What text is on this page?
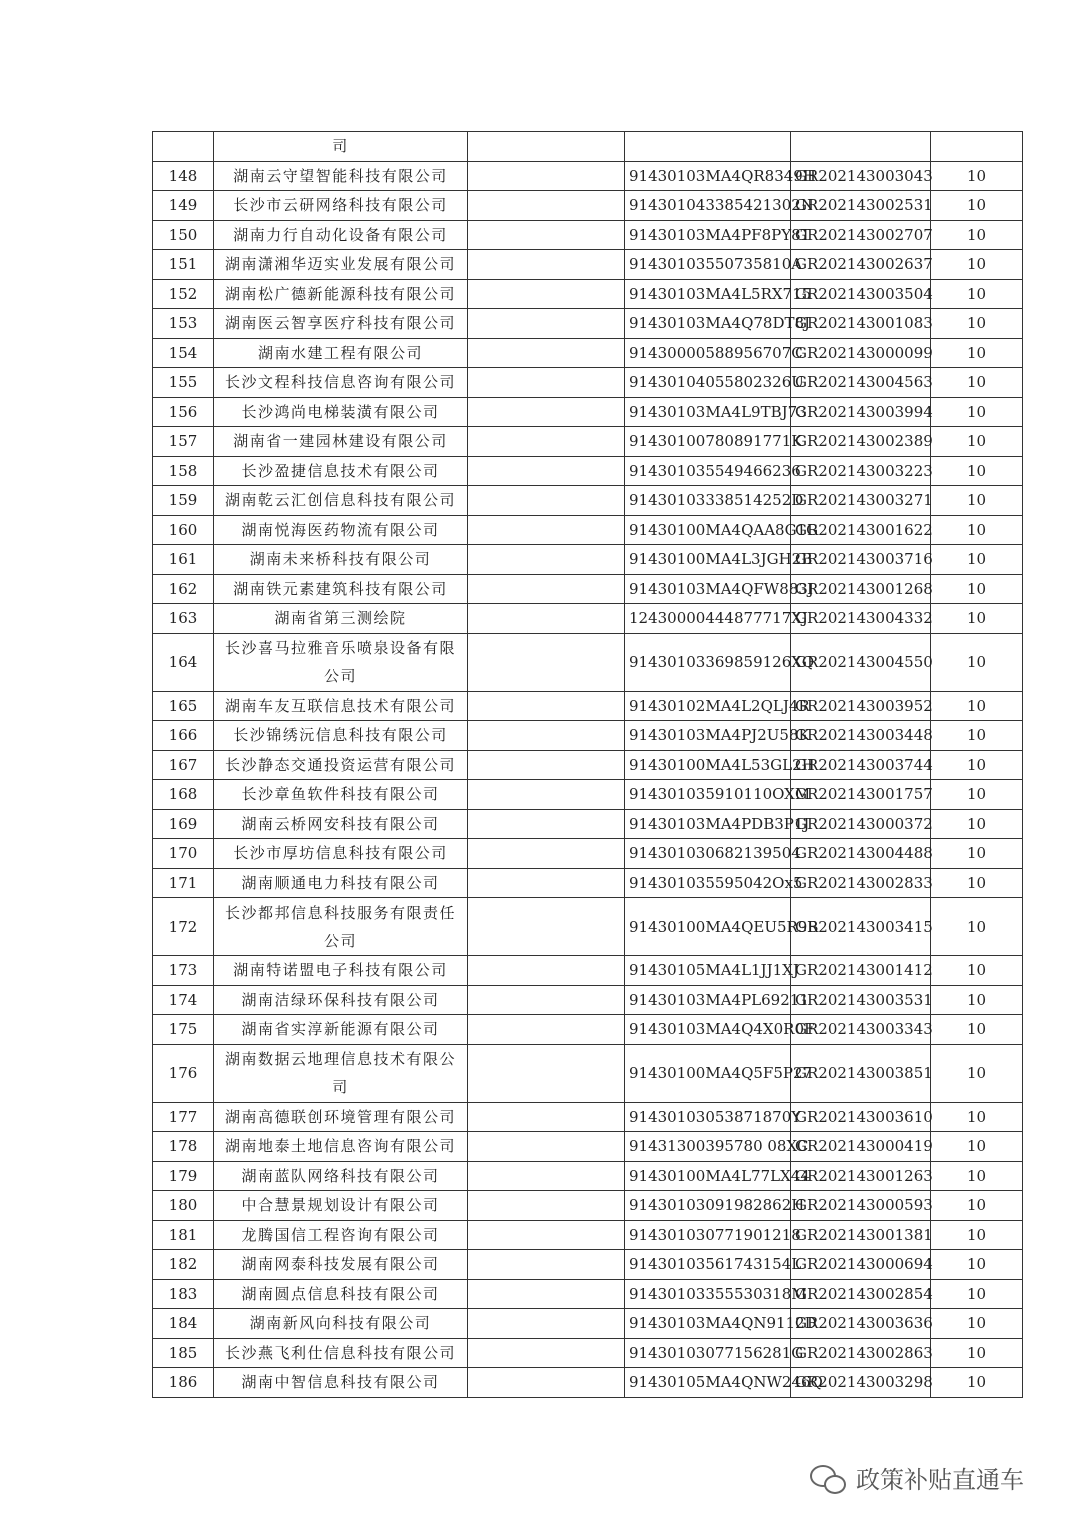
	司				
148	湖南云守望智能科技有限公司		91430103MA4QR8349H	GR202143003043	10
149	长沙市云研网络科技有限公司		914301043385421302N	GR202143002531	10
150	湖南力行自动化设备有限公司		91430103MA4PF8PY8T	GR202143002707	10
151	湖南潇湘华迈实业发展有限公司		91430103550735810A	GR202143002637	10
152	湖南松广德新能源科技有限公司		91430103MA4L5RX715	GR202143003504	10
153	湖南医云智享医疗科技有限公司		91430103MA4Q78DT8J	GR202143001083	10
154	湖南水建工程有限公司		91430000588956707C	GR202143000099	10
155	长沙文程科技信息咨询有限公司		91430104055802326U	GR202143004563	10
156	长沙鸿尚电梯装潢有限公司		91430103MA4L9TBJ73	GR202143003994	10
157	湖南省一建园林建设有限公司		91430100780891771K	GR202143002389	10
158	长沙盈捷信息技术有限公司		914301035549466236	GR202143003223	10
159	湖南乾云汇创信息科技有限公司		91430103338514252D	GR202143003271	10
160	湖南悦海医药物流有限公司		91430100MA4QAA8G1G	GR202143001622	10
161	湖南未来桥科技有限公司		91430100MA4L3JGH2B	GR202143003716	10
162	湖南铁元素建筑科技有限公司		91430103MA4QFW883J	GR202143001268	10
163	湖南省第三测绘院		12430000444877717XJ	GR202143004332	10
164	长沙喜马拉雅音乐喷泉设备有限公司		91430103369859126XQ	GR202143004550	10
165	湖南车友互联信息技术有限公司		91430102MA4L2QLJ4R	GR202143003952	10
166	长沙锦绣沅信息科技有限公司		91430103MA4PJ2U58K	GR202143003448	10
167	长沙静态交通投资运营有限公司		91430100MA4L53GL2H	GR202143003744	10
168	长沙章鱼软件科技有限公司		914301035910110OXM	GR202143001757	10
169	湖南云桥网安科技有限公司		91430103MA4PDB3P1J	GR202143000372	10
170	长沙市厚坊信息科技有限公司		914301030682139504	GR202143004488	10
171	湖南顺通电力科技有限公司		914301035595042Ox5	GR202143002833	10
172	长沙都邦信息科技服务有限责任公司		91430100MA4QEU5R9B	GR202143003415	10
173	湖南特诺盟电子科技有限公司		91430105MA4L1JJ1XJ	GR202143001412	10
174	湖南洁绿环保科技有限公司		91430103MA4PL69211	GR202143003531	10
175	湖南省实淳新能源有限公司		91430103MA4Q4X0R0F	GR202143003343	10
176	湖南数据云地理信息技术有限公司		91430100MA4Q5F5P27	GR202143003851	10
177	湖南高德联创环境管理有限公司		91430103053871870Y	GR202143003610	10
178	湖南地泰土地信息咨询有限公司		91431300395780 08XC	GR202143000419	10
179	湖南蓝队网络科技有限公司		91430100MA4L77LX44	GR202143001263	10
180	中合慧景规划设计有限公司		91430103091982862H	GR202143000593	10
181	龙腾国信工程咨询有限公司		914301030771901218	GR202143001381	10
182	湖南网泰科技发展有限公司		91430103561743154L	GR202143000694	10
183	湖南圆点信息科技有限公司		91430103355530318M	GR202143002854	10
184	湖南新风向科技有限公司		91430103MA4QN9112D	GR202143003636	10
185	长沙燕飞利仕信息科技有限公司		91430103077156281G	GR202143002863	10
186	湖南中智信息科技有限公司		91430105MA4QNW246Q	GR202143003298	10
政策补贴直通车
